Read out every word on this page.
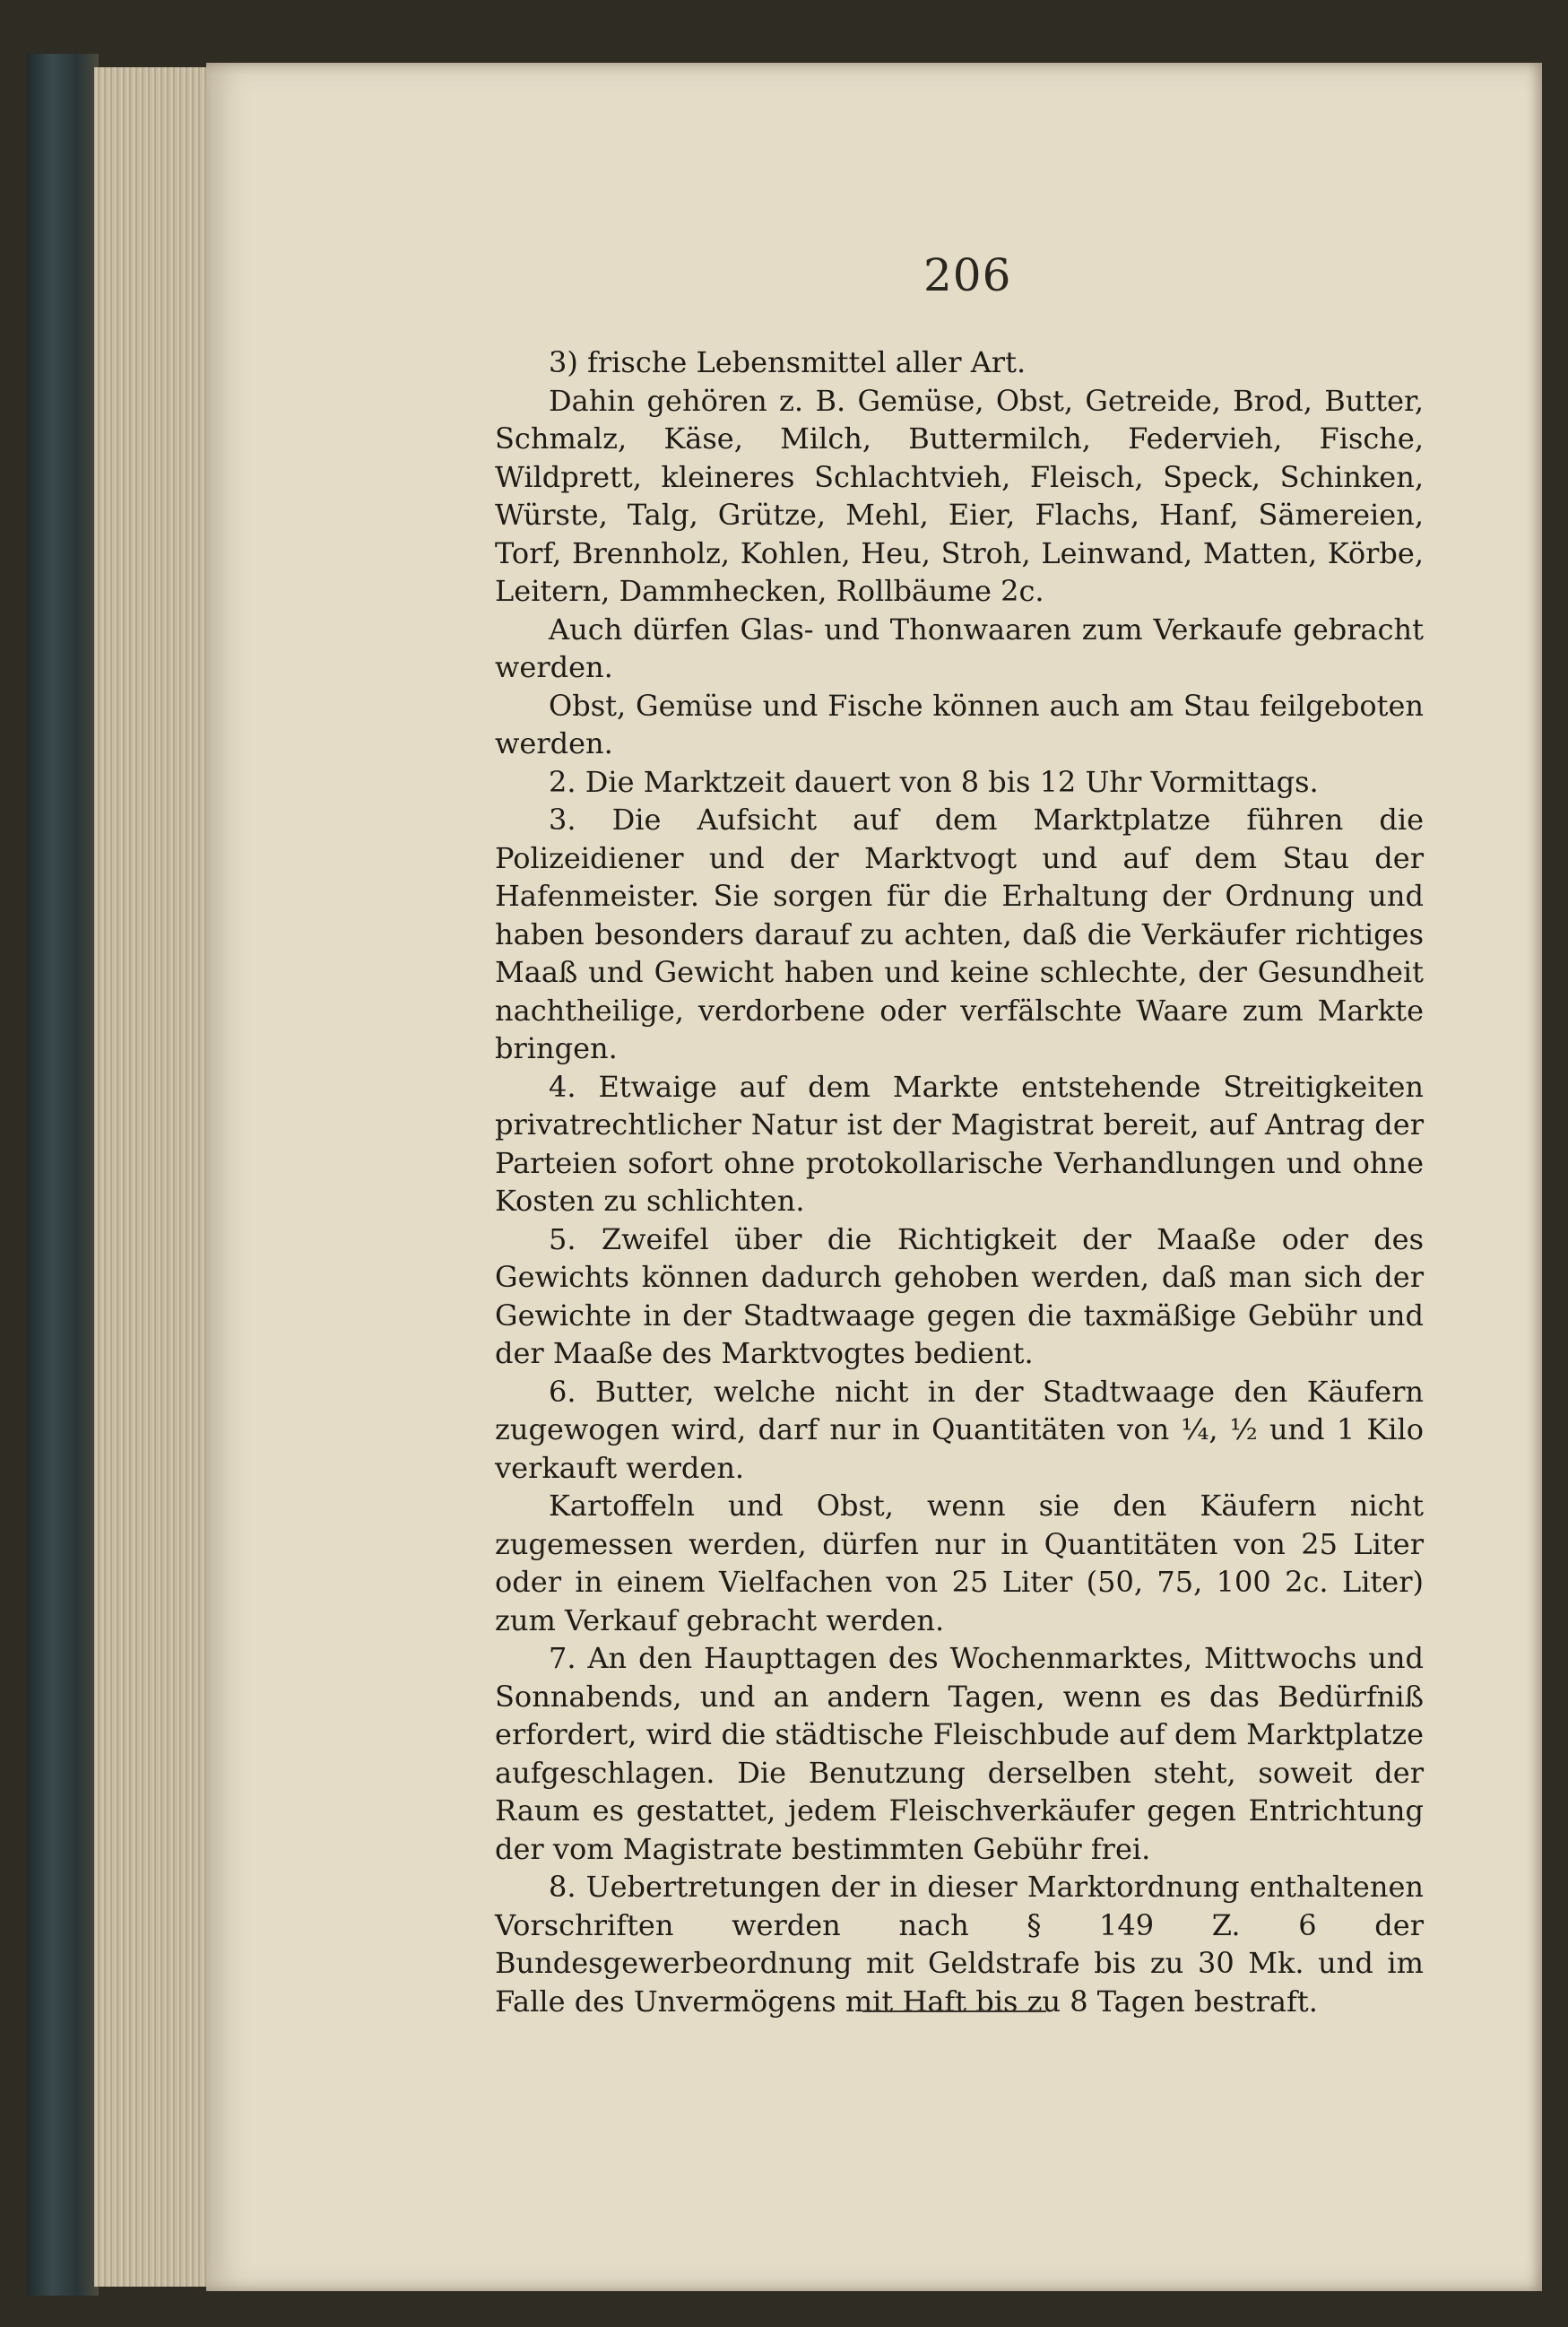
206

3) frische Lebensmittel aller Art.

Dahin gehören z. B. Gemüse, Obst, Getreide, Brod, Butter, Schmalz, Käse, Milch, Buttermilch, Federvieh, Fische, Wildprett, kleineres Schlachtvieh, Fleisch, Speck, Schinken, Würste, Talg, Grütze, Mehl, Eier, Flachs, Hanf, Sämereien, Torf, Brennholz, Kohlen, Heu, Stroh, Leinwand, Matten, Körbe, Leitern, Dammhecken, Rollbäume 2c.

Auch dürfen Glas- und Thonwaaren zum Verkaufe gebracht werden.

Obst, Gemüse und Fische können auch am Stau feilgeboten werden.

2. Die Marktzeit dauert von 8 bis 12 Uhr Vormittags.

3. Die Aufsicht auf dem Marktplatze führen die Polizeidiener und der Marktvogt und auf dem Stau der Hafenmeister. Sie sorgen für die Erhaltung der Ordnung und haben besonders darauf zu achten, daß die Verkäufer richtiges Maaß und Gewicht haben und keine schlechte, der Gesundheit nachtheilige, verdorbene oder verfälschte Waare zum Markte bringen.

4. Etwaige auf dem Markte entstehende Streitigkeiten privatrechtlicher Natur ist der Magistrat bereit, auf Antrag der Parteien sofort ohne protokollarische Verhandlungen und ohne Kosten zu schlichten.

5. Zweifel über die Richtigkeit der Maaße oder des Gewichts können dadurch gehoben werden, daß man sich der Gewichte in der Stadtwaage gegen die taxmäßige Gebühr und der Maaße des Marktvogtes bedient.

6. Butter, welche nicht in der Stadtwaage den Käufern zugewogen wird, darf nur in Quantitäten von ¼, ½ und 1 Kilo verkauft werden.

Kartoffeln und Obst, wenn sie den Käufern nicht zugemessen werden, dürfen nur in Quantitäten von 25 Liter oder in einem Vielfachen von 25 Liter (50, 75, 100 2c. Liter) zum Verkauf gebracht werden.

7. An den Haupttagen des Wochenmarktes, Mittwochs und Sonnabends, und an andern Tagen, wenn es das Bedürfniß erfordert, wird die städtische Fleischbude auf dem Marktplatze aufgeschlagen. Die Benutzung derselben steht, soweit der Raum es gestattet, jedem Fleischverkäufer gegen Entrichtung der vom Magistrate bestimmten Gebühr frei.

8. Uebertretungen der in dieser Marktordnung enthaltenen Vorschriften werden nach § 149 Z. 6 der Bundesgewerbeordnung mit Geldstrafe bis zu 30 Mk. und im Falle des Unvermögens mit Haft bis zu 8 Tagen bestraft.
